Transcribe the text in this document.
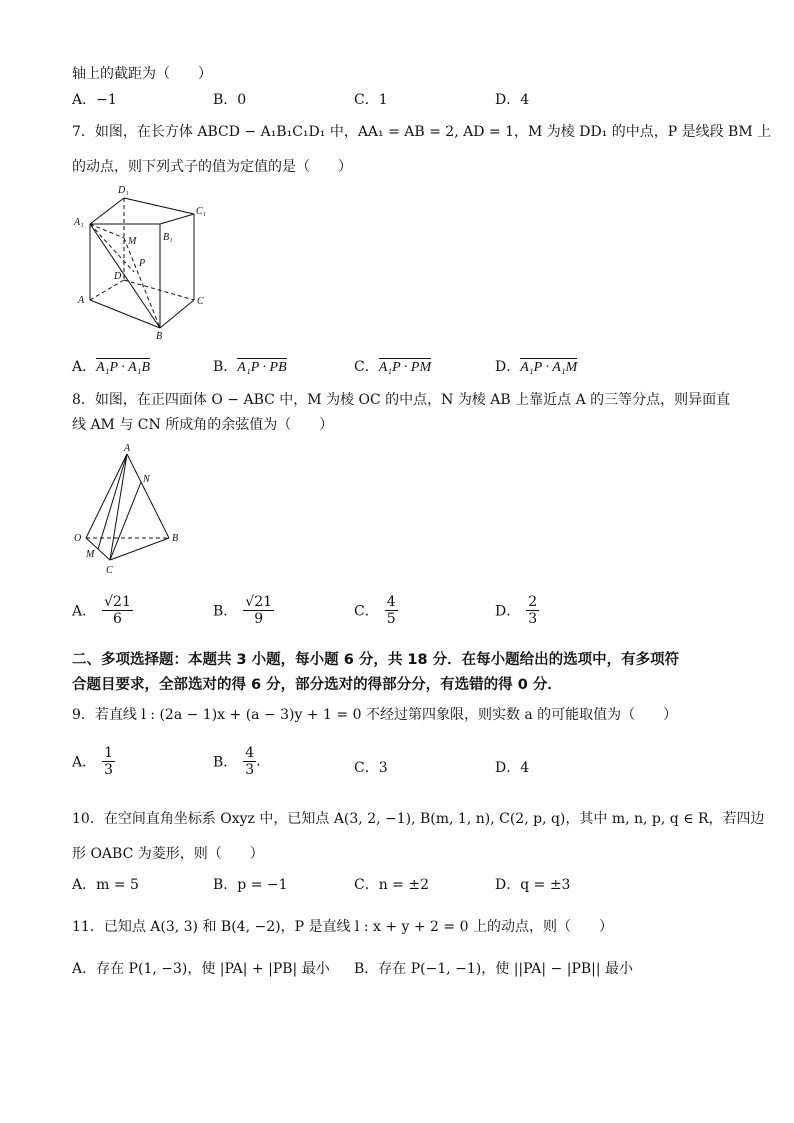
轴上的截距为（　　）
A．−1	B．0	C．1	D．4
7．如图，在长方体 ABCD − A₁B₁C₁D₁ 中，AA₁ = AB = 2, AD = 1，M 为棱 DD₁ 的中点，P 是线段 BM 上
的动点，则下列式子的值为定值的是（　　）
D₁
A₁
C₁
B₁
M
P
D
A	C
B
A．A₁P · A₁B	B．A₁P · PB	C．A₁P · PM	D．A₁P · A₁M
8．如图，在正四面体 O − ABC 中，M 为棱 OC 的中点，N 为棱 AB 上靠近点 A 的三等分点，则异面直
线 AM 与 CN 所成角的余弦值为（　　）
A
N
O	B
M
C
A． $\frac{√21}{6}$	B． $\frac{√21}{9}$	C． $\frac{4}{5}$	D． $\frac{2}{3}$
二、多项选择题：本题共 3 小题，每小题 6 分，共 18 分．在每小题给出的选项中，有多项符
合题目要求，全部选对的得 6 分，部分选对的得部分分，有选错的得 0 分．
9．若直线 l : (2a − 1)x + (a − 3)y + 1 = 0 不经过第四象限，则实数 a 的可能取值为（　　）
A． $\frac{1}{3}$	B． $\frac{4}{3}$ .	C．3	D．4
10．在空间直角坐标系 Oxyz 中，已知点 A(3, 2, −1), B(m, 1, n), C(2, p, q)，其中 m, n, p, q ∈ R，若四边
形 OABC 为菱形，则（　　）
A．m = 5	B．p = −1	C．n = ±2	D．q = ±3
11．已知点 A(3, 3) 和 B(4, −2)，P 是直线 l : x + y + 2 = 0 上的动点，则（　　）
A．存在 P(1, −3)，使 |PA| + |PB| 最小 B．存在 P(−1, −1)，使 ||PA| − |PB|| 最小
